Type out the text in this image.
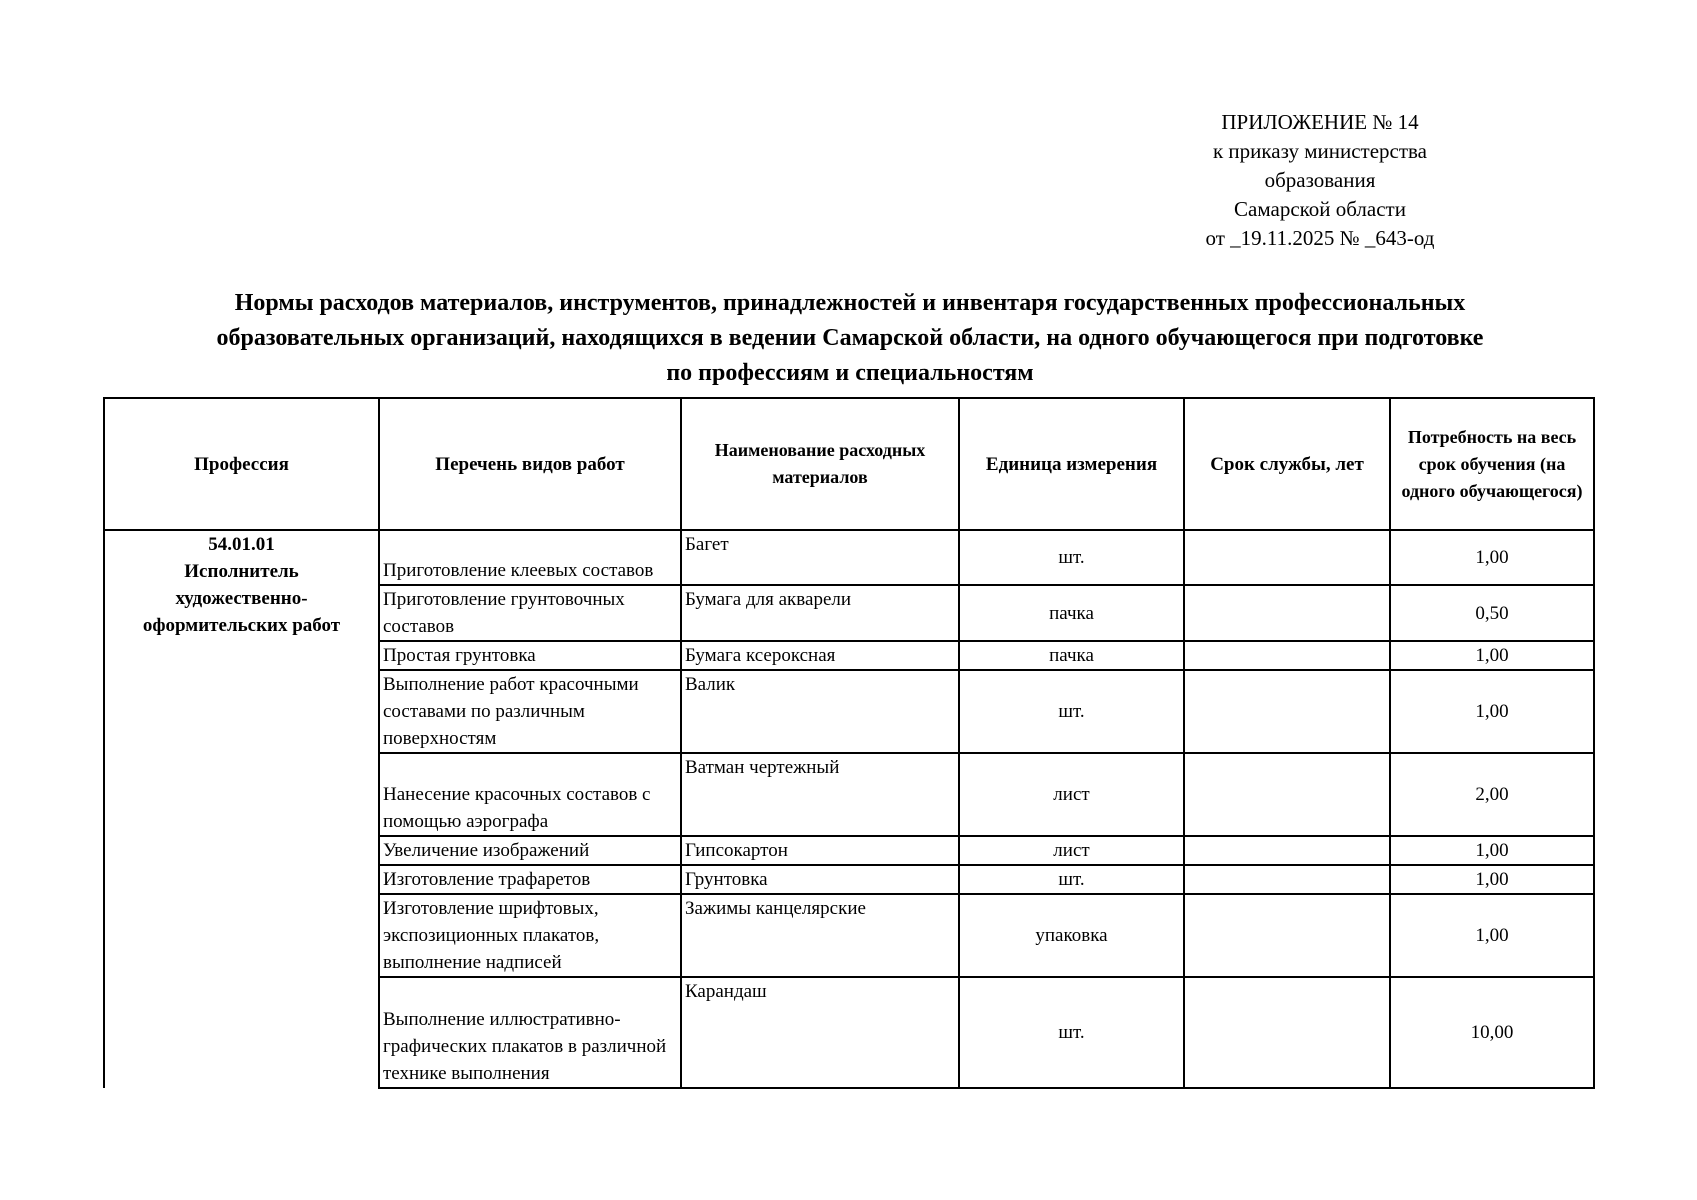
ПРИЛОЖЕНИЕ № 14
к приказу министерства
образования
Самарской области
от _19.11.2025 № _643-од
Нормы расходов материалов, инструментов, принадлежностей и инвентаря государственных профессиональных
образовательных организаций, находящихся в ведении Самарской области, на одного обучающегося при подготовке
по профессиям и специальностям
Профессия	Перечень видов работ	Наименование расходных материалов	Единица измерения	Срок службы, лет	Потребность на весь срок обучения (на одного обучающегося)

54.01.01
Исполнитель
художественно-
оформительских работ	Приготовление клеевых составов	Багет	шт.		1,00
	Приготовление грунтовочных составов	Бумага для акварели	пачка		0,50
	Простая грунтовка	Бумага ксероксная	пачка		1,00
	Выполнение работ красочными составами по различным поверхностям	Валик	шт.		1,00
	Нанесение красочных составов с помощью аэрографа	Ватман чертежный	лист		2,00
	Увеличение изображений	Гипсокартон	лист		1,00
	Изготовление трафаретов	Грунтовка	шт.		1,00
	Изготовление шрифтовых, экспозиционных плакатов, выполнение надписей	Зажимы канцелярские	упаковка		1,00
	Выполнение иллюстративно-графических плакатов в различной технике выполнения	Карандаш	шт.		10,00
